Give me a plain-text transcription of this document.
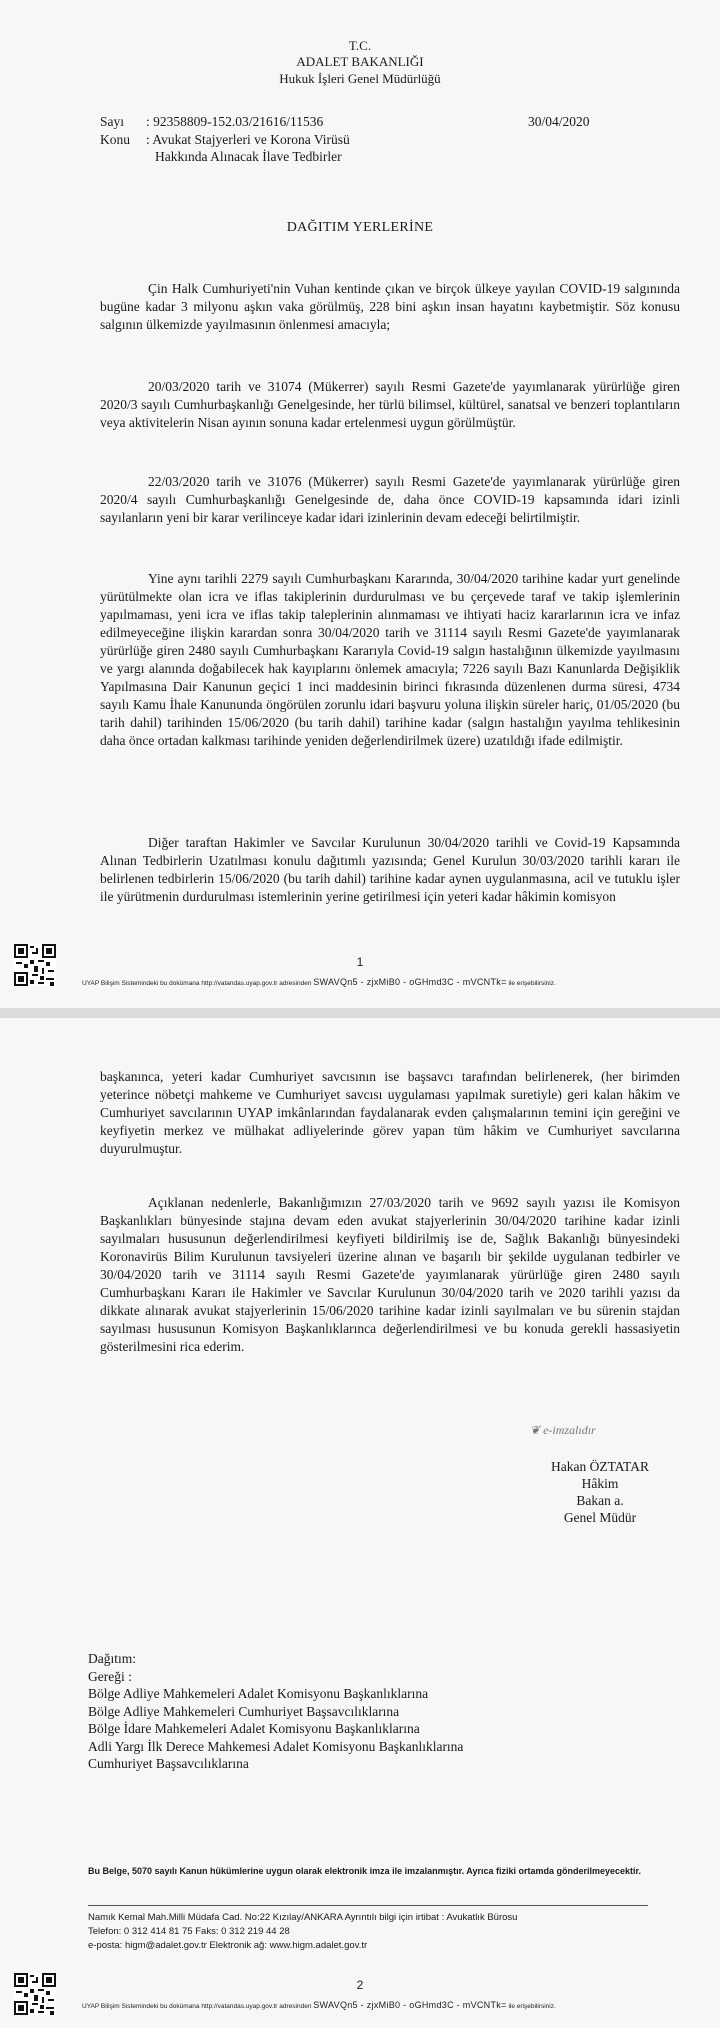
T.C.
ADALET BAKANLIĞI
Hukuk İşleri Genel Müdürlüğü
Sayı : 92358809-152.03/21616/11536	30/04/2020
Konu : Avukat Stajyerleri ve Korona Virüsü
Hakkında Alınacak İlave Tedbirler
DAĞITIM YERLERİNE

Çin Halk Cumhuriyeti'nin Vuhan kentinde çıkan ve birçok ülkeye yayılan COVID-19 salgınında bugüne kadar 3 milyonu aşkın vaka görülmüş, 228 bini aşkın insan hayatını kaybetmiştir. Söz konusu salgının ülkemizde yayılmasının önlenmesi amacıyla;

20/03/2020 tarih ve 31074 (Mükerrer) sayılı Resmi Gazete'de yayımlanarak yürürlüğe giren 2020/3 sayılı Cumhurbaşkanlığı Genelgesinde, her türlü bilimsel, kültürel, sanatsal ve benzeri toplantıların veya aktivitelerin Nisan ayının sonuna kadar ertelenmesi uygun görülmüştür.

22/03/2020 tarih ve 31076 (Mükerrer) sayılı Resmi Gazete'de yayımlanarak yürürlüğe giren 2020/4 sayılı Cumhurbaşkanlığı Genelgesinde de, daha önce COVID-19 kapsamında idari izinli sayılanların yeni bir karar verilinceye kadar idari izinlerinin devam edeceği belirtilmiştir.

Yine aynı tarihli 2279 sayılı Cumhurbaşkanı Kararında, 30/04/2020 tarihine kadar yurt genelinde yürütülmekte olan icra ve iflas takiplerinin durdurulması ve bu çerçevede taraf ve takip işlemlerinin yapılmaması, yeni icra ve iflas takip taleplerinin alınmaması ve ihtiyati haciz kararlarının icra ve infaz edilmeyeceğine ilişkin karardan sonra 30/04/2020 tarih ve 31114 sayılı Resmi Gazete'de yayımlanarak yürürlüğe giren 2480 sayılı Cumhurbaşkanı Kararıyla Covid-19 salgın hastalığının ülkemizde yayılmasını ve yargı alanında doğabilecek hak kayıplarını önlemek amacıyla; 7226 sayılı Bazı Kanunlarda Değişiklik Yapılmasına Dair Kanunun geçici 1 inci maddesinin birinci fıkrasında düzenlenen durma süresi, 4734 sayılı Kamu İhale Kanununda öngörülen zorunlu idari başvuru yoluna ilişkin süreler hariç, 01/05/2020 (bu tarih dahil) tarihinden 15/06/2020 (bu tarih dahil) tarihine kadar (salgın hastalığın yayılma tehlikesinin daha önce ortadan kalkması tarihinde yeniden değerlendirilmek üzere) uzatıldığı ifade edilmiştir.

Diğer taraftan Hakimler ve Savcılar Kurulunun 30/04/2020 tarihli ve Covid-19 Kapsamında Alınan Tedbirlerin Uzatılması konulu dağıtımlı yazısında; Genel Kurulun 30/03/2020 tarihli kararı ile belirlenen tedbirlerin 15/06/2020 (bu tarih dahil) tarihine kadar aynen uygulanmasına, acil ve tutuklu işler ile yürütmenin durdurulması istemlerinin yerine getirilmesi için yeteri kadar hâkimin komisyon

1
UYAP Bilişim Sistemindeki bu dokümana http://vatandas.uyap.gov.tr adresinden SWAVQn5 - zjxMiB0 - oGHmd3C - mVCNTk= ile erişebilirsiniz.

başkanınca, yeteri kadar Cumhuriyet savcısının ise başsavcı tarafından belirlenerek, (her birimden yeterince nöbetçi mahkeme ve Cumhuriyet savcısı uygulaması yapılmak suretiyle) geri kalan hâkim ve Cumhuriyet savcılarının UYAP imkânlarından faydalanarak evden çalışmalarının temini için gereğini ve keyfiyetin merkez ve mülhakat adliyelerinde görev yapan tüm hâkim ve Cumhuriyet savcılarına duyurulmuştur.

Açıklanan nedenlerle, Bakanlığımızın 27/03/2020 tarih ve 9692 sayılı yazısı ile Komisyon Başkanlıkları bünyesinde stajına devam eden avukat stajyerlerinin 30/04/2020 tarihine kadar izinli sayılmaları hususunun değerlendirilmesi keyfiyeti bildirilmiş ise de, Sağlık Bakanlığı bünyesindeki Koronavirüs Bilim Kurulunun tavsiyeleri üzerine alınan ve başarılı bir şekilde uygulanan tedbirler ve 30/04/2020 tarih ve 31114 sayılı Resmi Gazete'de yayımlanarak yürürlüğe giren 2480 sayılı Cumhurbaşkanı Kararı ile Hakimler ve Savcılar Kurulunun 30/04/2020 tarih ve 2020 tarihli yazısı da dikkate alınarak avukat stajyerlerinin 15/06/2020 tarihine kadar izinli sayılmaları ve bu sürenin stajdan sayılması hususunun Komisyon Başkanlıklarınca değerlendirilmesi ve bu konuda gerekli hassasiyetin gösterilmesini rica ederim.

❦ e-imzalıdır
Hakan ÖZTATAR
Hâkim
Bakan a.
Genel Müdür
Dağıtım:
Gereği :
Bölge Adliye Mahkemeleri Adalet Komisyonu Başkanlıklarına
Bölge Adliye Mahkemeleri Cumhuriyet Başsavcılıklarına
Bölge İdare Mahkemeleri Adalet Komisyonu Başkanlıklarına
Adli Yargı İlk Derece Mahkemesi Adalet Komisyonu Başkanlıklarına
Cumhuriyet Başsavcılıklarına
Bu Belge, 5070 sayılı Kanun hükümlerine uygun olarak elektronik imza ile imzalanmıştır. Ayrıca fiziki ortamda gönderilmeyecektir.
Namık Kemal Mah.Milli Müdafa Cad. No:22 Kızılay/ANKARA Ayrıntılı bilgi için irtibat : Avukatlık Bürosu
Telefon: 0 312 414 81 75 Faks: 0 312 219 44 28
e-posta: higm@adalet.gov.tr Elektronik ağ: www.higm.adalet.gov.tr
2
UYAP Bilişim Sistemindeki bu dokümana http://vatandas.uyap.gov.tr adresinden SWAVQn5 - zjxMiB0 - oGHmd3C - mVCNTk= ile erişebilirsiniz.
